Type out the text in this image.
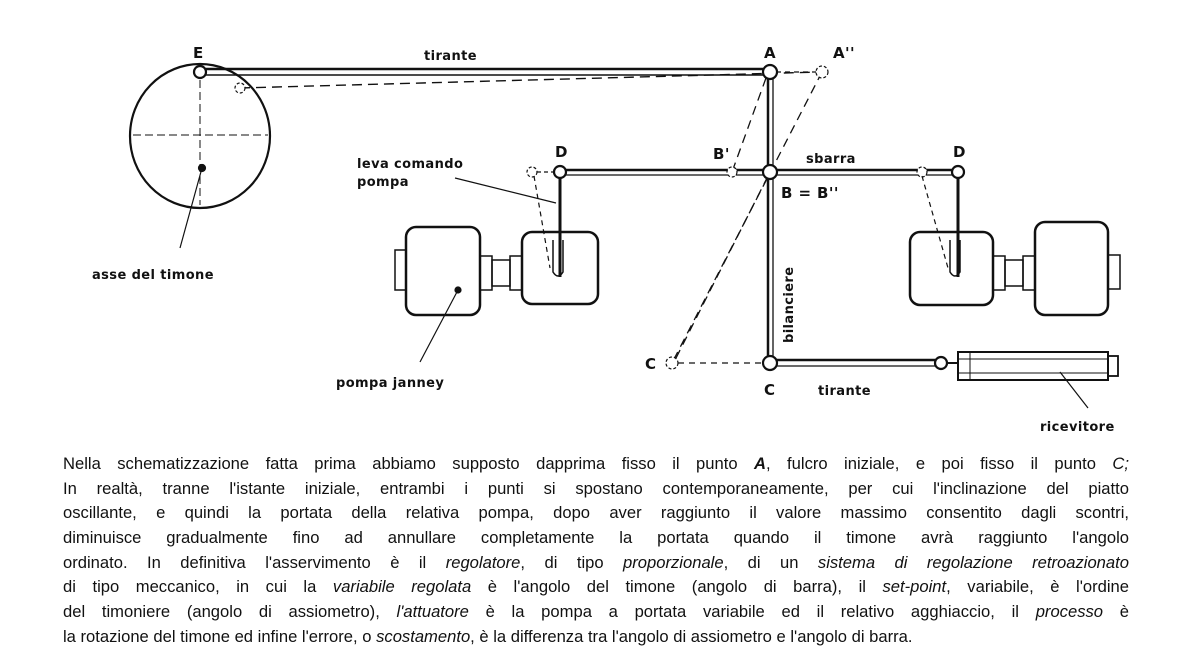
E	tirante	A	A''
leva comando
pompa
D	B'	sbarra	D
B = B''
bilanciere
asse del timone
pompa janney
C
C	tirante
ricevitore
Nella schematizzazione fatta prima abbiamo supposto dapprima fisso il punto A, fulcro iniziale, e poi fisso il punto C;
In realtà, tranne l'istante iniziale, entrambi i punti si spostano contemporaneamente, per cui l'inclinazione del piatto
oscillante, e quindi la portata della relativa pompa, dopo aver raggiunto il valore massimo consentito dagli scontri,
diminuisce gradualmente fino ad annullare completamente la portata quando il timone avrà raggiunto l'angolo
ordinato. In definitiva l'asservimento è il regolatore, di tipo proporzionale, di un sistema di regolazione retroazionato
di tipo meccanico, in cui la variabile regolata è l'angolo del timone (angolo di barra), il set-point, variabile, è l'ordine
del timoniere (angolo di assiometro), l'attuatore è la pompa a portata variabile ed il relativo agghiaccio, il processo è
la rotazione del timone ed infine l'errore, o scostamento, è la differenza tra l'angolo di assiometro e l'angolo di barra.
